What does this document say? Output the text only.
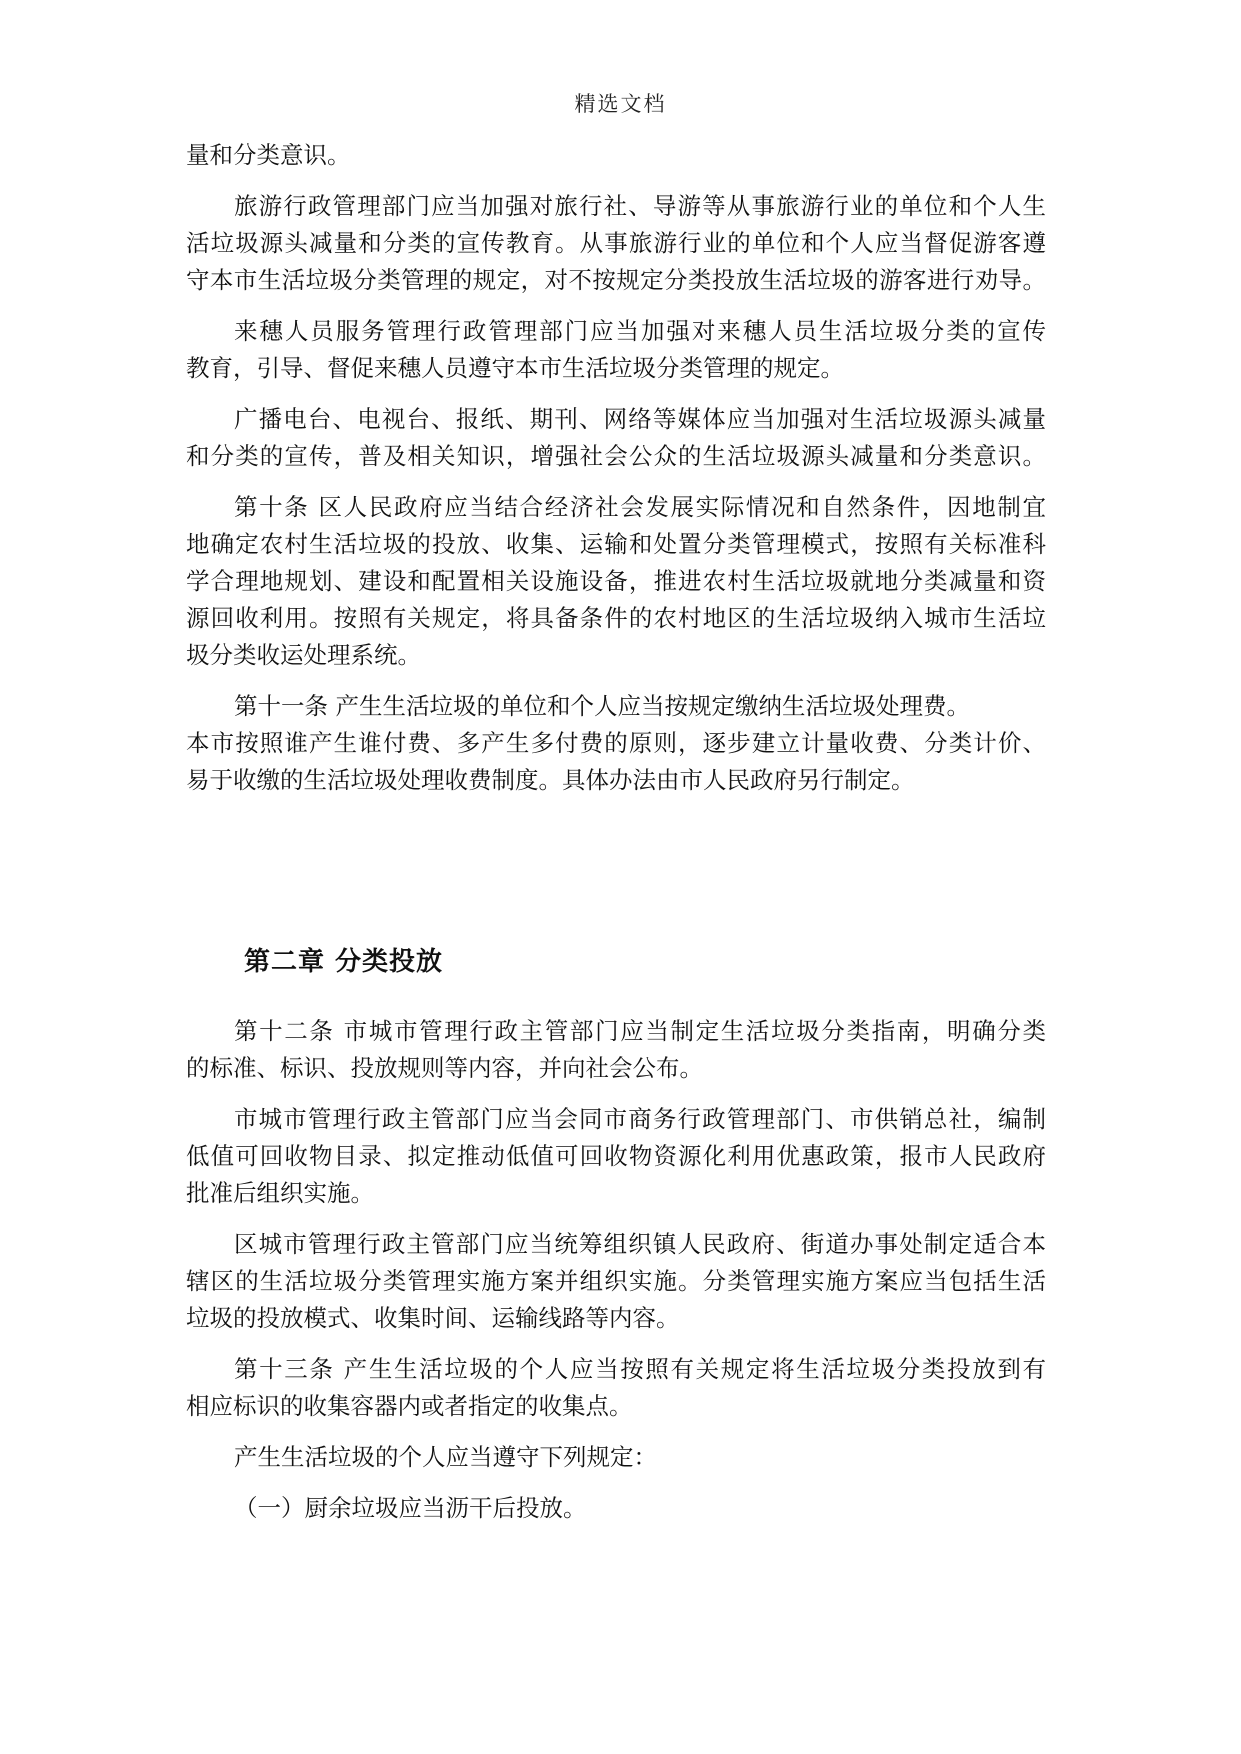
精选文档
量和分类意识。
旅游行政管理部门应当加强对旅行社、导游等从事旅游行业的单位和个人生
活垃圾源头减量和分类的宣传教育。从事旅游行业的单位和个人应当督促游客遵
守本市生活垃圾分类管理的规定，对不按规定分类投放生活垃圾的游客进行劝导。
来穗人员服务管理行政管理部门应当加强对来穗人员生活垃圾分类的宣传
教育，引导、督促来穗人员遵守本市生活垃圾分类管理的规定。
广播电台、电视台、报纸、期刊、网络等媒体应当加强对生活垃圾源头减量
和分类的宣传，普及相关知识，增强社会公众的生活垃圾源头减量和分类意识。
第十条 区人民政府应当结合经济社会发展实际情况和自然条件，因地制宜
地确定农村生活垃圾的投放、收集、运输和处置分类管理模式，按照有关标准科
学合理地规划、建设和配置相关设施设备，推进农村生活垃圾就地分类减量和资
源回收利用。按照有关规定，将具备条件的农村地区的生活垃圾纳入城市生活垃
圾分类收运处理系统。
第十一条 产生生活垃圾的单位和个人应当按规定缴纳生活垃圾处理费。
本市按照谁产生谁付费、多产生多付费的原则，逐步建立计量收费、分类计价、
易于收缴的生活垃圾处理收费制度。具体办法由市人民政府另行制定。
第二章 分类投放
第十二条 市城市管理行政主管部门应当制定生活垃圾分类指南，明确分类
的标准、标识、投放规则等内容，并向社会公布。
市城市管理行政主管部门应当会同市商务行政管理部门、市供销总社，编制
低值可回收物目录、拟定推动低值可回收物资源化利用优惠政策，报市人民政府
批准后组织实施。
区城市管理行政主管部门应当统筹组织镇人民政府、街道办事处制定适合本
辖区的生活垃圾分类管理实施方案并组织实施。分类管理实施方案应当包括生活
垃圾的投放模式、收集时间、运输线路等内容。
第十三条 产生生活垃圾的个人应当按照有关规定将生活垃圾分类投放到有
相应标识的收集容器内或者指定的收集点。
产生生活垃圾的个人应当遵守下列规定：
（一）厨余垃圾应当沥干后投放。
